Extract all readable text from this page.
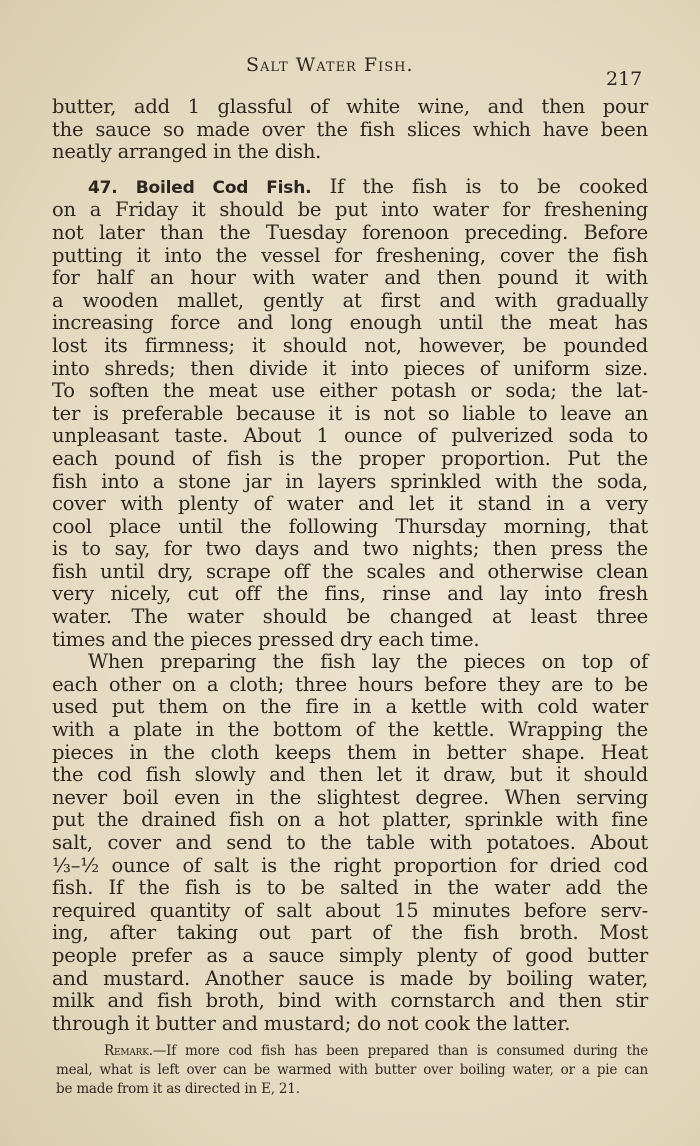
Salt Water Fish.
217
butter, add 1 glassful of white wine, and then pour
the sauce so made over the fish slices which have been
neatly arranged in the dish.
47. Boiled Cod Fish. If the fish is to be cooked
on a Friday it should be put into water for freshening
not later than the Tuesday forenoon preceding. Before
putting it into the vessel for freshening, cover the fish
for half an hour with water and then pound it with
a wooden mallet, gently at first and with gradually
increasing force and long enough until the meat has
lost its firmness; it should not, however, be pounded
into shreds; then divide it into pieces of uniform size.
To soften the meat use either potash or soda; the lat-
ter is preferable because it is not so liable to leave an
unpleasant taste. About 1 ounce of pulverized soda to
each pound of fish is the proper proportion. Put the
fish into a stone jar in layers sprinkled with the soda,
cover with plenty of water and let it stand in a very
cool place until the following Thursday morning, that
is to say, for two days and two nights; then press the
fish until dry, scrape off the scales and otherwise clean
very nicely, cut off the fins, rinse and lay into fresh
water. The water should be changed at least three
times and the pieces pressed dry each time.
When preparing the fish lay the pieces on top of
each other on a cloth; three hours before they are to be
used put them on the fire in a kettle with cold water
with a plate in the bottom of the kettle. Wrapping the
pieces in the cloth keeps them in better shape. Heat
the cod fish slowly and then let it draw, but it should
never boil even in the slightest degree. When serving
put the drained fish on a hot platter, sprinkle with fine
salt, cover and send to the table with potatoes. About
⅓–½ ounce of salt is the right proportion for dried cod
fish. If the fish is to be salted in the water add the
required quantity of salt about 15 minutes before serv-
ing, after taking out part of the fish broth. Most
people prefer as a sauce simply plenty of good butter
and mustard. Another sauce is made by boiling water,
milk and fish broth, bind with cornstarch and then stir
through it butter and mustard; do not cook the latter.
Remark.—If more cod fish has been prepared than is consumed during the
meal, what is left over can be warmed with butter over boiling water, or a pie can
be made from it as directed in E, 21.
